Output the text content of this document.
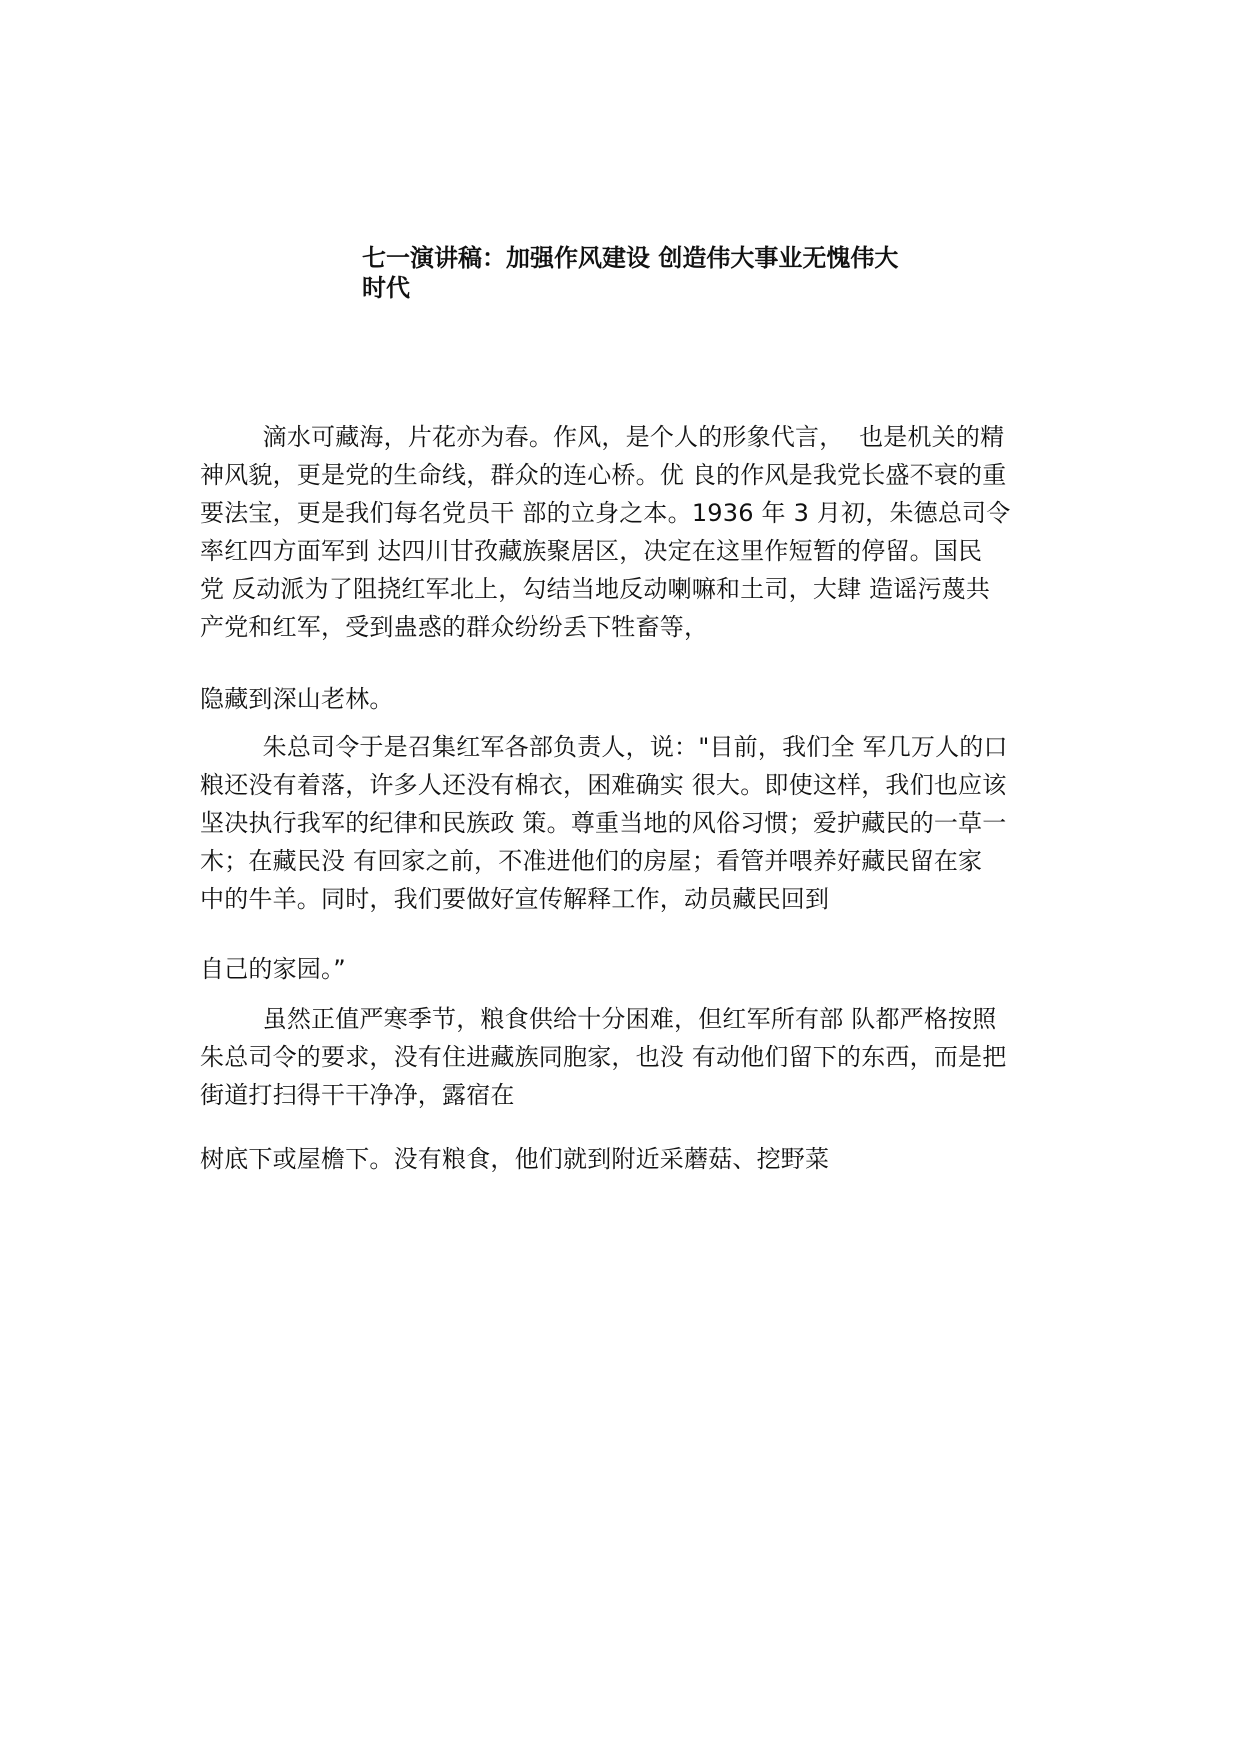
七一演讲稿：加强作风建设 创造伟大事业无愧伟大
时代

滴水可藏海，片花亦为春。作风，是个人的形象代言，  也是机关的精

神风貌，更是党的生命线，群众的连心桥。优 良的作风是我党长盛不衰的重

要法宝，更是我们每名党员干 部的立身之本。1936 年 3 月初，朱德总司令

率红四方面军到 达四川甘孜藏族聚居区，决定在这里作短暂的停留。国民

党 反动派为了阻挠红军北上，勾结当地反动喇嘛和土司，大肆 造谣污蔑共

产党和红军，受到蛊惑的群众纷纷丢下牲畜等，

隐藏到深山老林。

朱总司令于是召集红军各部负责人，说："目前，我们全 军几万人的口

粮还没有着落，许多人还没有棉衣，困难确实 很大。即使这样，我们也应该

坚决执行我军的纪律和民族政 策。尊重当地的风俗习惯；爱护藏民的一草一

木；在藏民没 有回家之前，不准进他们的房屋；看管并喂养好藏民留在家

中的牛羊。同时，我们要做好宣传解释工作，动员藏民回到

自己的家园。”

虽然正值严寒季节，粮食供给十分困难，但红军所有部 队都严格按照

朱总司令的要求，没有住进藏族同胞家，也没 有动他们留下的东西，而是把

街道打扫得干干净净，露宿在

树底下或屋檐下。没有粮食，他们就到附近采蘑菇、挖野菜
